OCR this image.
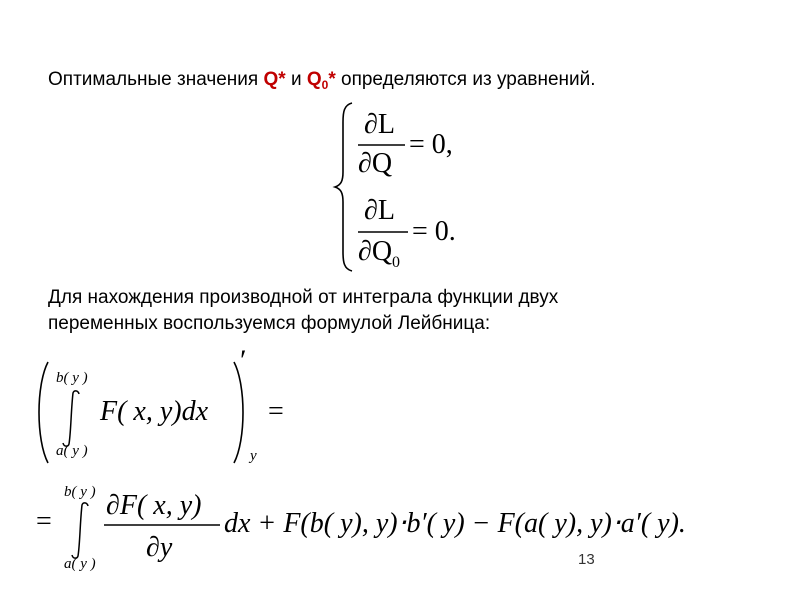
Оптимальные значения Q* и $Q_0*$ определяются из уравнений.
Для нахождения производной от интеграла функции двух
переменных воспользуемся формулой Лейбница:
∂L
∂Q
= 0,
∂L
∂Q 0
= 0.
b( y )
a( y )
F( x, y)dx
′
y
=
=
b( y )
a( y )
∂F( x, y)
∂y
dx + F(b( y), y)⋅b′( y) − F(a( y), y)⋅a′( y).
13
